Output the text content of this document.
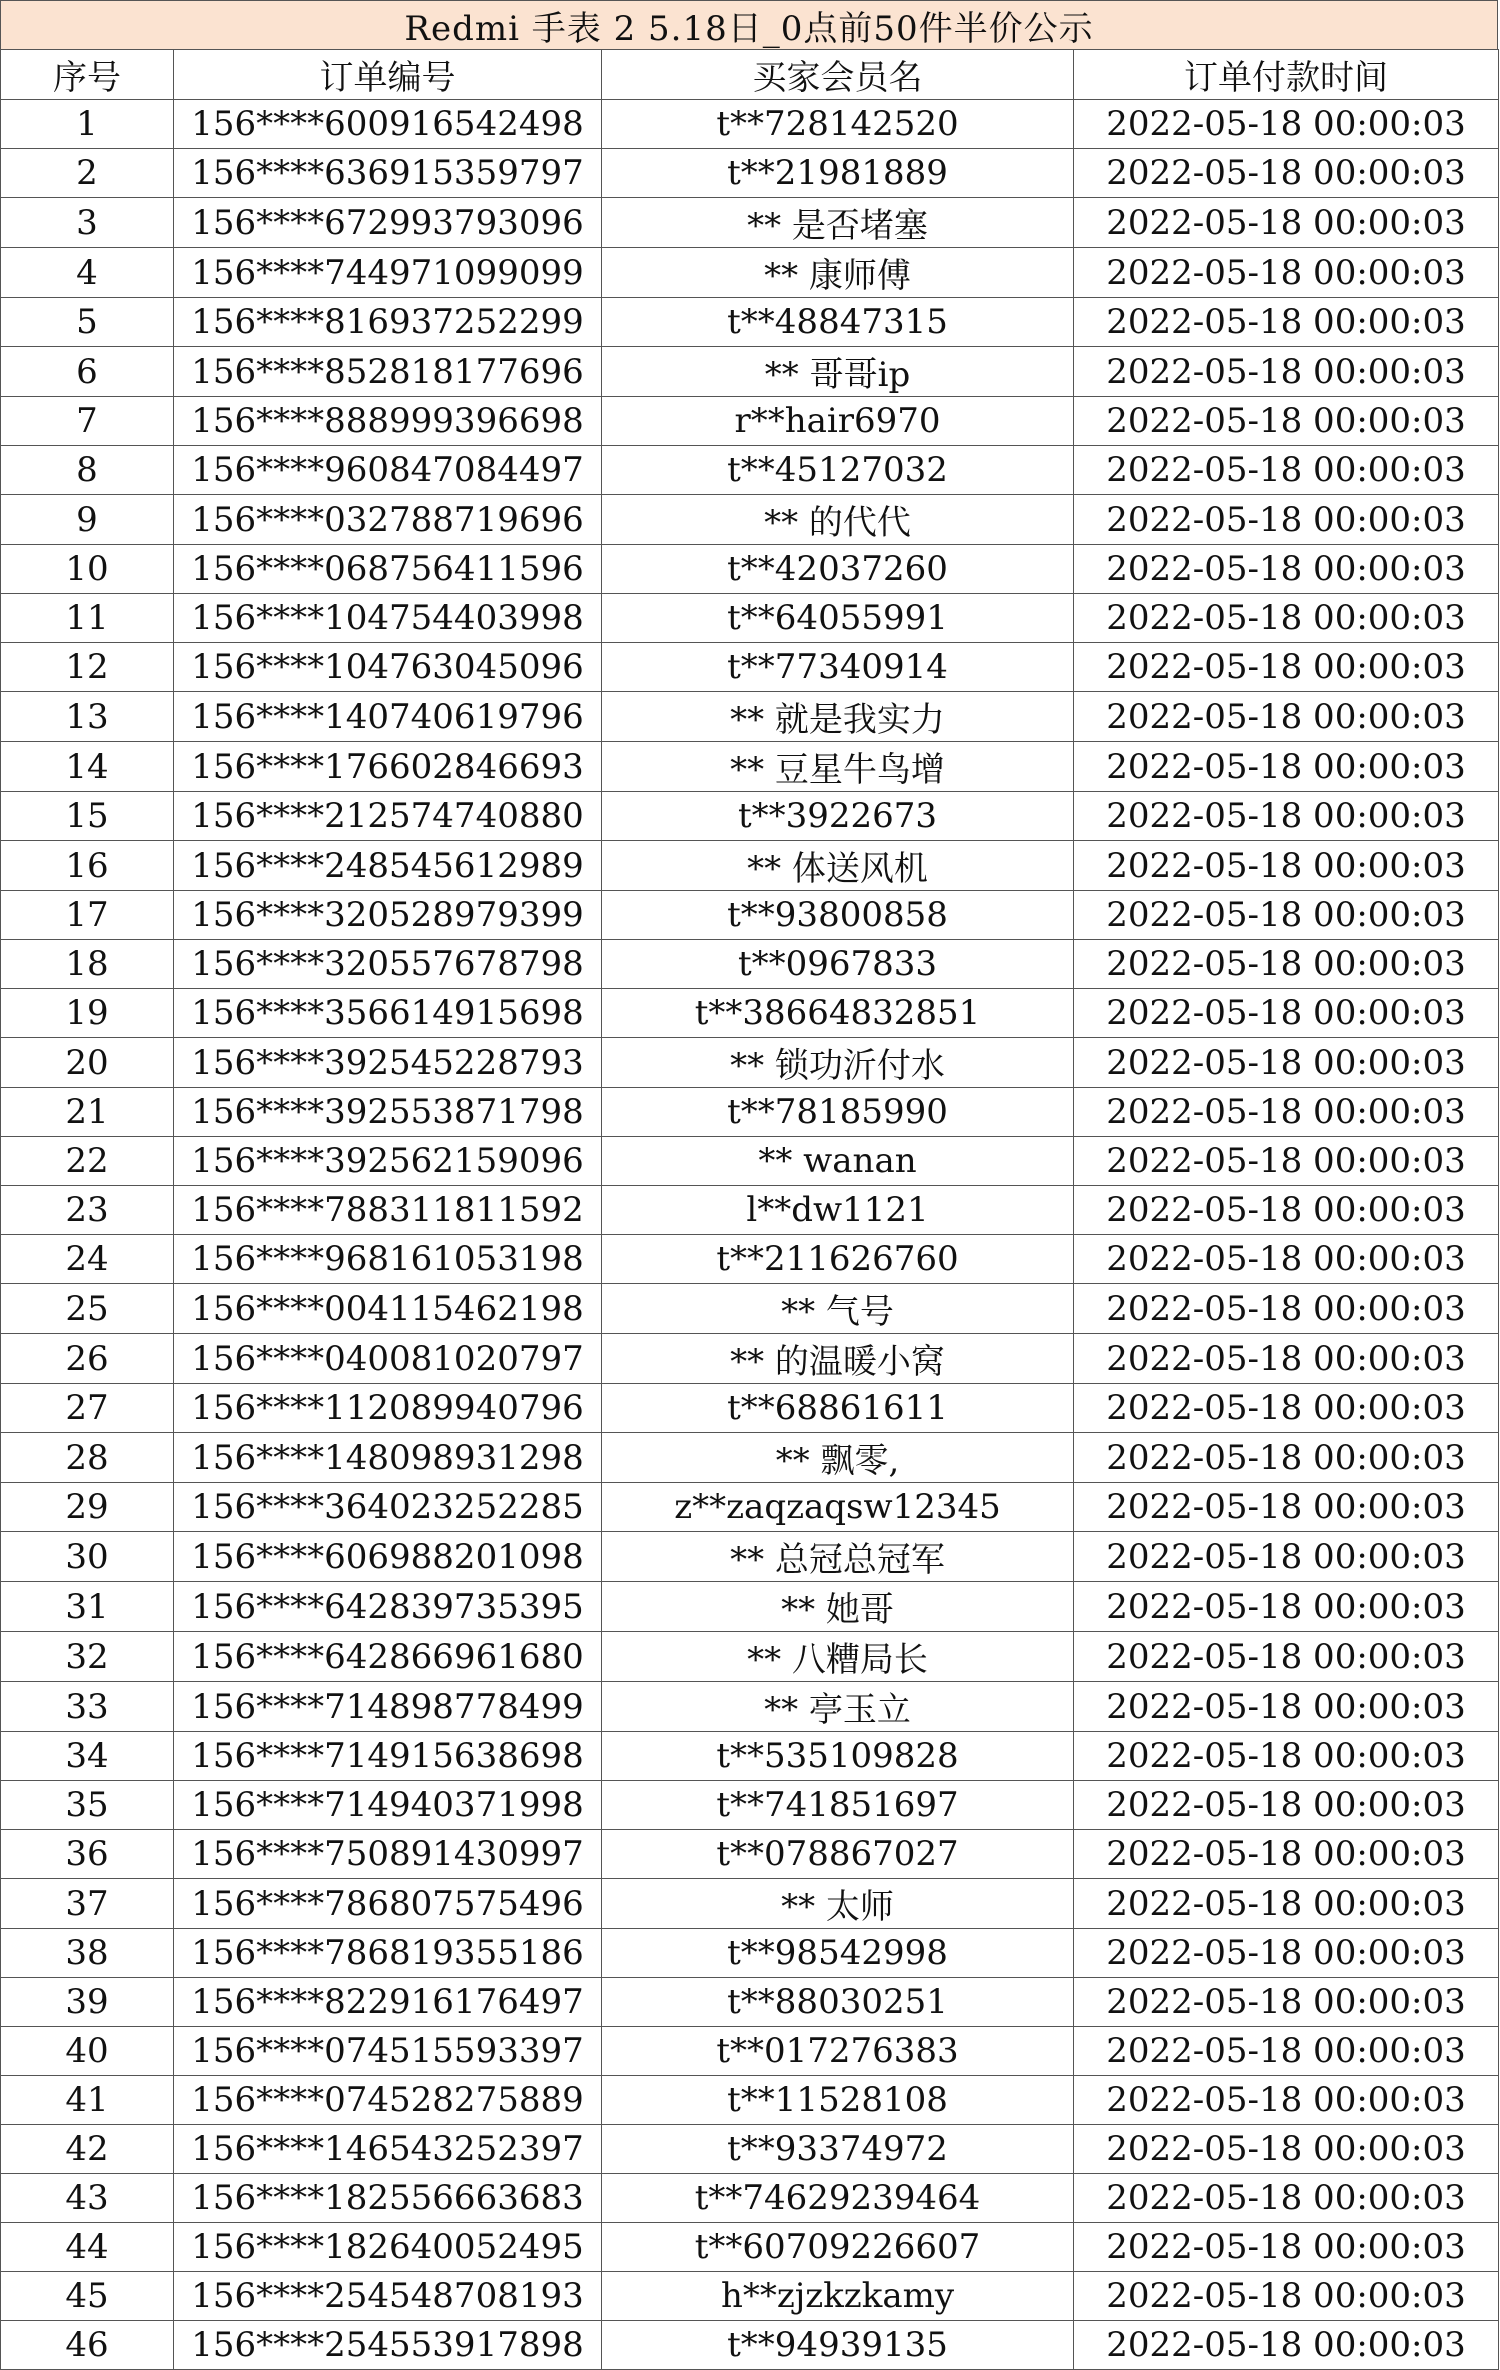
Redmi 手表 2 5.18日_0点前50件半价公示
序号	订单编号	买家会员名	订单付款时间
1	156****600916542498	t**728142520	2022-05-18 00:00:03
2	156****636915359797	t**21981889	2022-05-18 00:00:03
3	156****672993793096	** 是否堵塞	2022-05-18 00:00:03
4	156****744971099099	** 康师傅	2022-05-18 00:00:03
5	156****816937252299	t**48847315	2022-05-18 00:00:03
6	156****852818177696	** 哥哥ip	2022-05-18 00:00:03
7	156****888999396698	r**hair6970	2022-05-18 00:00:03
8	156****960847084497	t**45127032	2022-05-18 00:00:03
9	156****032788719696	** 的代代	2022-05-18 00:00:03
10	156****068756411596	t**42037260	2022-05-18 00:00:03
11	156****104754403998	t**64055991	2022-05-18 00:00:03
12	156****104763045096	t**77340914	2022-05-18 00:00:03
13	156****140740619796	** 就是我实力	2022-05-18 00:00:03
14	156****176602846693	** 豆星牛鸟增	2022-05-18 00:00:03
15	156****212574740880	t**3922673	2022-05-18 00:00:03
16	156****248545612989	** 体送风机	2022-05-18 00:00:03
17	156****320528979399	t**93800858	2022-05-18 00:00:03
18	156****320557678798	t**0967833	2022-05-18 00:00:03
19	156****356614915698	t**38664832851	2022-05-18 00:00:03
20	156****392545228793	** 锁功沂付水	2022-05-18 00:00:03
21	156****392553871798	t**78185990	2022-05-18 00:00:03
22	156****392562159096	** wanan	2022-05-18 00:00:03
23	156****788311811592	l**dw1121	2022-05-18 00:00:03
24	156****968161053198	t**211626760	2022-05-18 00:00:03
25	156****004115462198	** 气号	2022-05-18 00:00:03
26	156****040081020797	** 的温暖小窝	2022-05-18 00:00:03
27	156****112089940796	t**68861611	2022-05-18 00:00:03
28	156****148098931298	** 飘零,	2022-05-18 00:00:03
29	156****364023252285	z**zaqzaqsw12345	2022-05-18 00:00:03
30	156****606988201098	** 总冠总冠军	2022-05-18 00:00:03
31	156****642839735395	** 她哥	2022-05-18 00:00:03
32	156****642866961680	** 八糟局长	2022-05-18 00:00:03
33	156****714898778499	** 亭玉立	2022-05-18 00:00:03
34	156****714915638698	t**535109828	2022-05-18 00:00:03
35	156****714940371998	t**741851697	2022-05-18 00:00:03
36	156****750891430997	t**078867027	2022-05-18 00:00:03
37	156****786807575496	** 太师	2022-05-18 00:00:03
38	156****786819355186	t**98542998	2022-05-18 00:00:03
39	156****822916176497	t**88030251	2022-05-18 00:00:03
40	156****074515593397	t**017276383	2022-05-18 00:00:03
41	156****074528275889	t**11528108	2022-05-18 00:00:03
42	156****146543252397	t**93374972	2022-05-18 00:00:03
43	156****182556663683	t**74629239464	2022-05-18 00:00:03
44	156****182640052495	t**60709226607	2022-05-18 00:00:03
45	156****254548708193	h**zjzkzkamy	2022-05-18 00:00:03
46	156****254553917898	t**94939135	2022-05-18 00:00:03
